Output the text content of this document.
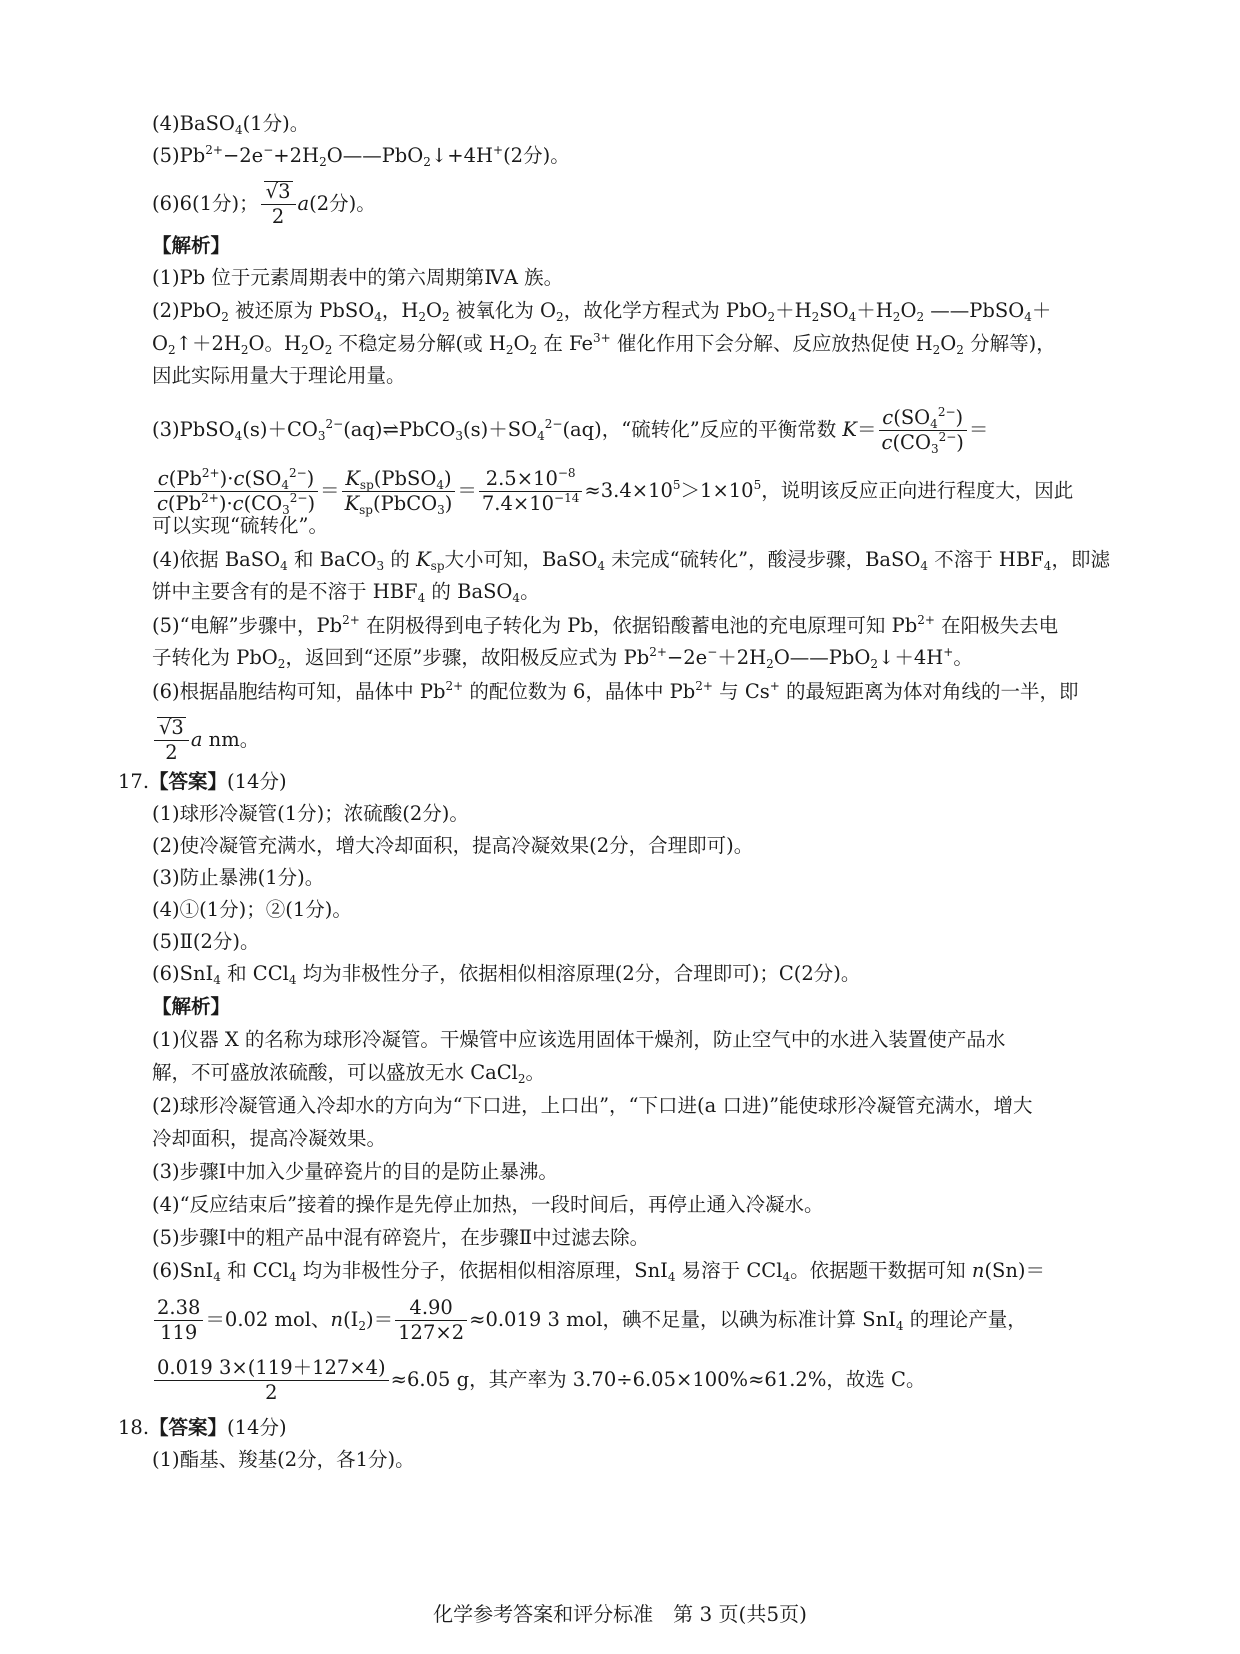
(4)BaSO$_4$(1分)。
$(5)Pb^{2+}-2e^-+2H_2O——PbO_2↓+4H^+(2$分)。
(6)6(1分)； $\frac{√3}{2} a(2$分)。
【解析】
(1)Pb 位于元素周期表中的第六周期第ⅣA 族。
(2)PbO$_2$ 被还原为 PbSO$_4$，$H_2O_2$ 被氧化为 $O_2$，故化学方程式为 $PbO_2+H_2SO_4+H_2O_2$ ——PbSO$_4$＋
$O_2↑+2H_2O$。$H_2O_2$ 不稳定易分解(或 $H_2O_2$ 在 $Fe^{3+}$ 催化作用下会分解、反应放热促使 $H_2O_2$ 分解等)，
因此实际用量大于理论用量。
$(3)PbSO_4(s)+CO_3^{2-}(aq)\rightleftharpoons PbCO_3(s)+SO_4^{2-}(aq)$，“硫转化”反应的平衡常数 $K= \frac{c(SO_4^{2-})}{c(CO_3^{2-})}$ ＝
$\frac{c(Pb^{2+})\cdot c(SO_4^{2-})}{c(Pb^{2+})\cdot c(CO_3^{2-})} = \frac{K_{sp}(PbSO_4)}{K_{sp}(PbCO_3)} = \frac{2.5\times 10^{-8}}{7.4\times 10^{-14}} \approx 3.4\times 10^5>1\times 10^5$，说明该反应正向进行程度大，因此
可以实现“硫转化”。
(4)依据 BaSO$_4$ 和 BaCO$_3$ 的 $K_{sp}$大小可知，BaSO$_4$ 未完成“硫转化”，酸浸步骤，BaSO$_4$ 不溶于 $HBF_4$，即滤
饼中主要含有的是不溶于 $HBF_4$ 的 BaSO$_4$。
(5)“电解”步骤中，$Pb^{2+}$ 在阴极得到电子转化为 Pb，依据铅酸蓄电池的充电原理可知 $Pb^{2+}$ 在阳极失去电
子转化为 PbO$_2$，返回到“还原”步骤，故阳极反应式为 $Pb^{2+}-2e^-+2H_2O——PbO_2↓+4H^+$。
(6)根据晶胞结构可知，晶体中 $Pb^{2+}$ 的配位数为 6，晶体中 $Pb^{2+}$ 与 Cs+ 的最短距离为体对角线的一半，即
$\frac{√3}{2}$ a nm。
17.【答案】(14分)
(1)球形冷凝管(1分)；浓硫酸(2分)。
(2)使冷凝管充满水，增大冷却面积，提高冷凝效果(2分，合理即可)。
(3)防止暴沸(1分)。
(4)①(1分)；②(1分)。
(5)Ⅱ(2分)。
(6)SnI$_4$ 和 CCl$_4$ 均为非极性分子，依据相似相溶原理(2分，合理即可)；C(2分)。
【解析】
(1)仪器 X 的名称为球形冷凝管。干燥管中应该选用固体干燥剂，防止空气中的水进入装置使产品水
解，不可盛放浓硫酸，可以盛放无水 CaCl$_2$。
(2)球形冷凝管通入冷却水的方向为“下口进，上口出”，“下口进(a 口进)”能使球形冷凝管充满水，增大
冷却面积，提高冷凝效果。
(3)步骤Ⅰ中加入少量碎瓷片的目的是防止暴沸。
(4)“反应结束后”接着的操作是先停止加热，一段时间后，再停止通入冷凝水。
(5)步骤Ⅰ中的粗产品中混有碎瓷片，在步骤Ⅱ中过滤去除。
(6)SnI$_4$ 和 CCl$_4$ 均为非极性分子，依据相似相溶原理，SnI$_4$ 易溶于 CCl$_4$。依据题干数据可知 n(Sn)＝
$\frac{2.38}{119} =0.02$ mol、$n(I_2)= \frac{4.90}{127\times 2} \approx 0.019$ 3 mol，碘不足量，以碘为标准计算 SnI$_4$ 的理论产量，
$\frac{0.019 3\times(119+127\times 4)}{2} \approx 6.05$ g，其产率为 3.70÷6.05×100%≈61.2%，故选 C。
18.【答案】(14分)
(1)酯基、羧基(2分，各1分)。
化学参考答案和评分标准　第 3 页(共5页)
